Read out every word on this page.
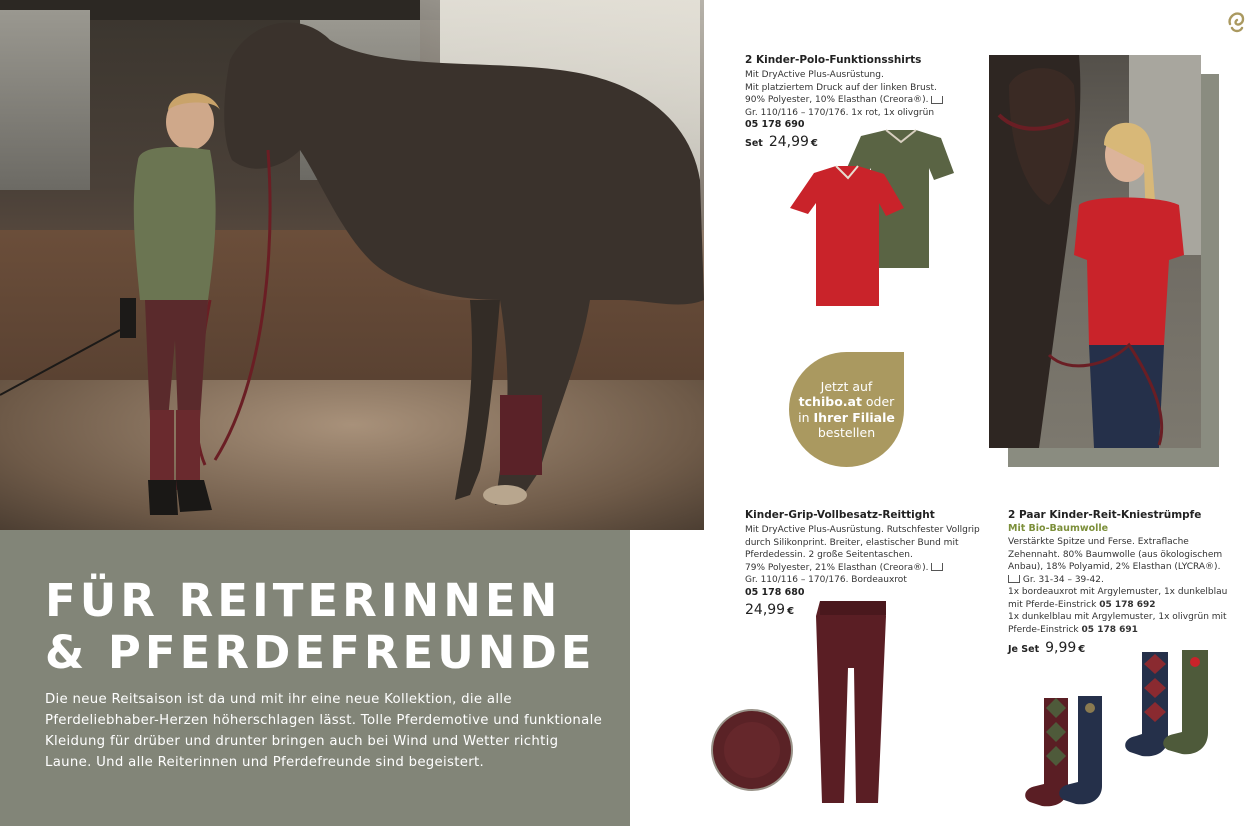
FÜR REITERINNEN
& PFERDEFREUNDE

Die neue Reitsaison ist da und mit ihr eine neue Kollektion, die alle Pferdeliebhaber-Herzen höherschlagen lässt. Tolle Pferdemotive und funktionale Kleidung für drüber und drunter bringen auch bei Wind und Wetter richtig Laune. Und alle Reiterinnen und Pferdefreunde sind begeistert.

2 Kinder-Polo-Funktionsshirts

Mit DryActive Plus-Ausrüstung.

Mit platziertem Druck auf der linken Brust.

90% Polyester, 10% Elasthan (Creora®).

Gr. 110/116 – 170/176. 1x rot, 1x olivgrün

05 178 690

Set 24,99 €
Jetzt auf
tchibo.at oder
in Ihrer Filiale
bestellen

Kinder-Grip-Vollbesatz-Reittight

Mit DryActive Plus-Ausrüstung. Rutschfester Vollgrip durch Silikonprint. Breiter, elastischer Bund mit Pferdedessin. 2 große Seitentaschen.

79% Polyester, 21% Elasthan (Creora®).

Gr. 110/116 – 170/176. Bordeauxrot

05 178 680

24,99 €

2 Paar Kinder-Reit-Kniestrümpfe

Mit Bio-Baumwolle

Verstärkte Spitze und Ferse. Extraflache Zehennaht. 80% Baumwolle (aus ökologischem Anbau), 18% Polyamid, 2% Elasthan (LYCRA®).

Gr. 31-34 – 39-42.

1x bordeauxrot mit Argylemuster, 1x dunkelblau mit Pferde-Einstrick 05 178 692

1x dunkelblau mit Argylemuster, 1x olivgrün mit Pferde-Einstrick 05 178 691

Je Set 9,99 €
